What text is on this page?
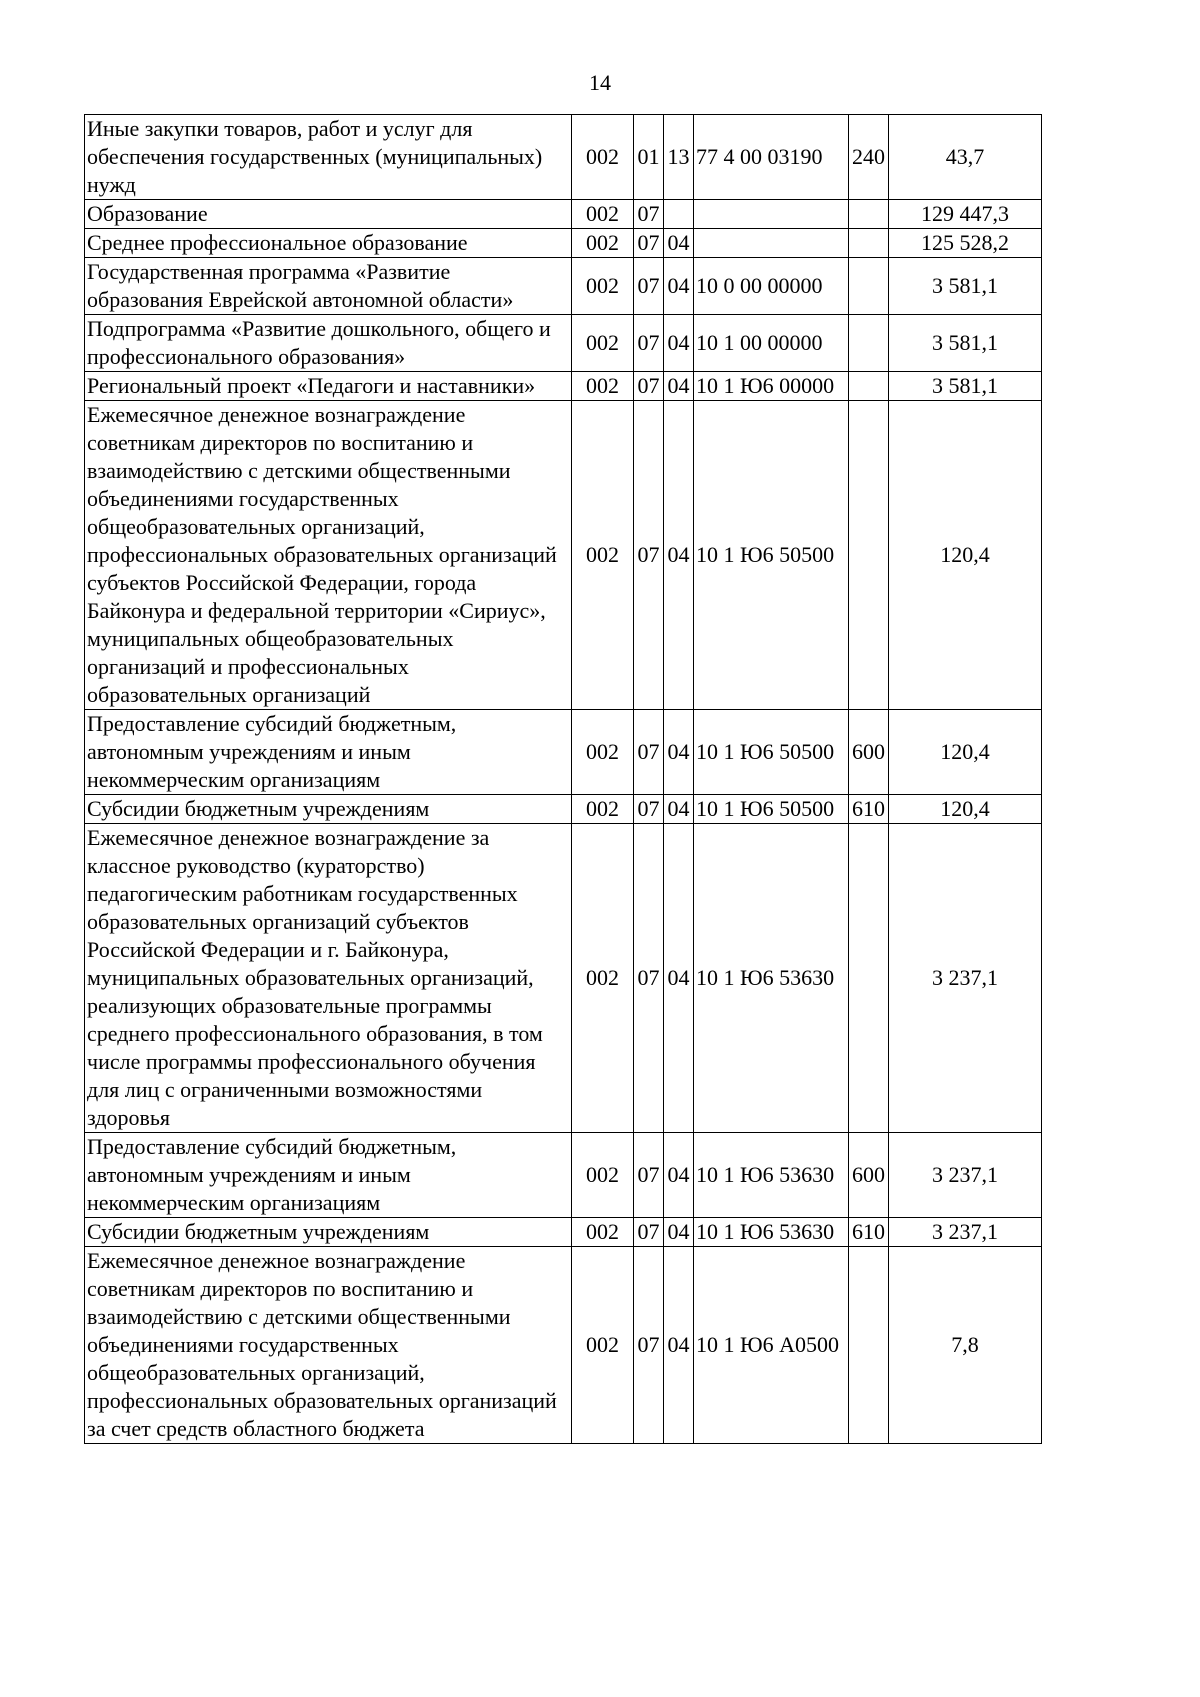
14
Иные закупки товаров, работ и услуг для обеспечения государственных (муниципальных) нужд	002	01	13	77 4 00 03190	240	43,7
Образование	002	07				129 447,3
Среднее профессиональное образование	002	07	04			125 528,2
Государственная программа «Развитие образования Еврейской автономной области»	002	07	04	10 0 00 00000		3 581,1
Подпрограмма «Развитие дошкольного, общего и профессионального образования»	002	07	04	10 1 00 00000		3 581,1
Региональный проект «Педагоги и наставники»	002	07	04	10 1 Ю6 00000		3 581,1
Ежемесячное денежное вознаграждение советникам директоров по воспитанию и взаимодействию с детскими общественными объединениями государственных общеобразовательных организаций, профессиональных образовательных организаций субъектов Российской Федерации, города Байконура и федеральной территории «Сириус», муниципальных общеобразовательных организаций и профессиональных образовательных организаций	002	07	04	10 1 Ю6 50500		120,4
Предоставление субсидий бюджетным, автономным учреждениям и иным некоммерческим организациям	002	07	04	10 1 Ю6 50500	600	120,4
Субсидии бюджетным учреждениям	002	07	04	10 1 Ю6 50500	610	120,4
Ежемесячное денежное вознаграждение за классное руководство (кураторство) педагогическим работникам государственных образовательных организаций субъектов Российской Федерации и г. Байконура, муниципальных образовательных организаций, реализующих образовательные программы среднего профессионального образования, в том числе программы профессионального обучения для лиц с ограниченными возможностями здоровья	002	07	04	10 1 Ю6 53630		3 237,1
Предоставление субсидий бюджетным, автономным учреждениям и иным некоммерческим организациям	002	07	04	10 1 Ю6 53630	600	3 237,1
Субсидии бюджетным учреждениям	002	07	04	10 1 Ю6 53630	610	3 237,1
Ежемесячное денежное вознаграждение советникам директоров по воспитанию и взаимодействию с детскими общественными объединениями государственных общеобразовательных организаций, профессиональных образовательных организаций за счет средств областного бюджета	002	07	04	10 1 Ю6 А0500		7,8
